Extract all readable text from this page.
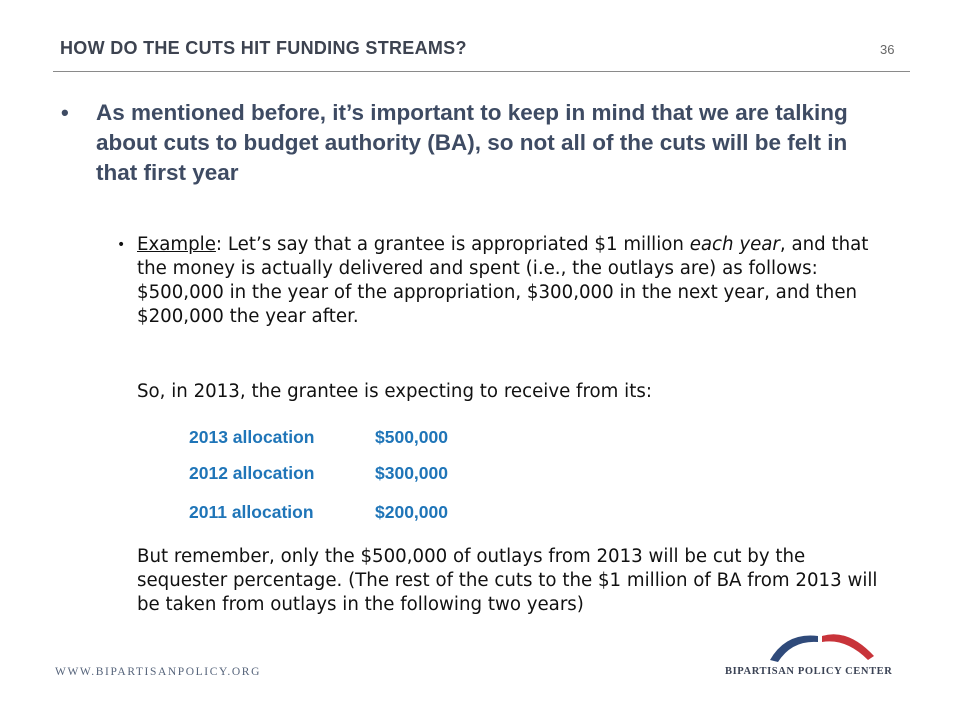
HOW DO THE CUTS HIT FUNDING STREAMS?	36
• As mentioned before, it’s important to keep in mind that we are talking about cuts to budget authority (BA), so not all of the cuts will be felt in that first year
• Example: Let’s say that a grantee is appropriated $1 million each year, and that the money is actually delivered and spent (i.e., the outlays are) as follows: $500,000 in the year of the appropriation, $300,000 in the next year, and then $200,000 the year after.
So, in 2013, the grantee is expecting to receive from its:
2013 allocation	$500,000
2012 allocation	$300,000
2011 allocation	$200,000
But remember, only the $500,000 of outlays from 2013 will be cut by the sequester percentage. (The rest of the cuts to the $1 million of BA from 2013 will be taken from outlays in the following two years)
WWW.BIPARTISANPOLICY.ORG	BIPARTISAN POLICY CENTER
